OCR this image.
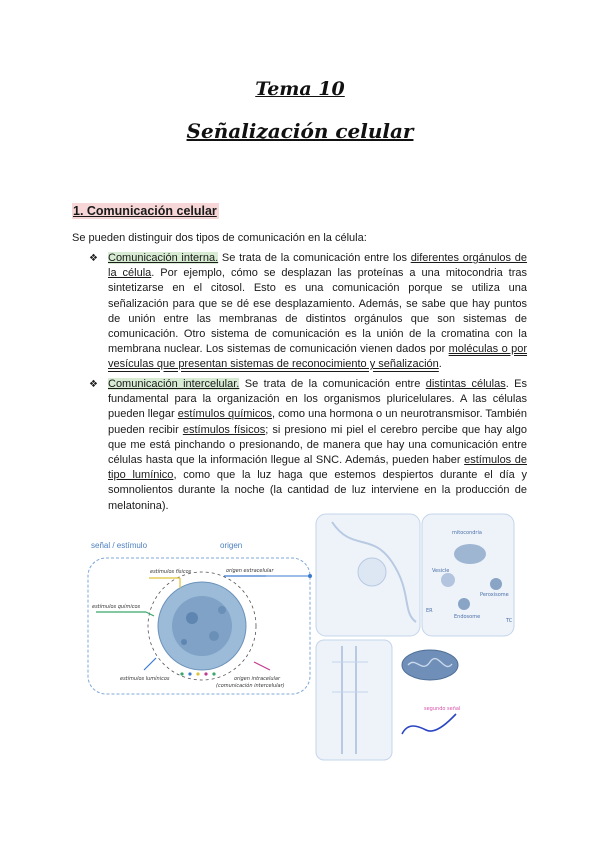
Tema 10
Señalización celular
1. Comunicación celular
Se pueden distinguir dos tipos de comunicación en la célula:
❖ Comunicación interna. Se trata de la comunicación entre los diferentes orgánulos de la célula. Por ejemplo, cómo se desplazan las proteínas a una mitocondria tras sintetizarse en el citosol. Esto es una comunicación porque se utiliza una señalización para que se dé ese desplazamiento. Además, se sabe que hay puntos de unión entre las membranas de distintos orgánulos que son sistemas de comunicación. Otro sistema de comunicación es la unión de la cromatina con la membrana nuclear. Los sistemas de comunicación vienen dados por moléculas o por vesículas que presentan sistemas de reconocimiento y señalización.
❖ Comunicación intercelular. Se trata de la comunicación entre distintas células. Es fundamental para la organización en los organismos pluricelulares. A las células pueden llegar estímulos químicos, como una hormona o un neurotransmisor. También pueden recibir estímulos físicos; si presiono mi piel el cerebro percibe que hay algo que me está pinchando o presionando, de manera que hay una comunicación entre células hasta que la información llegue al SNC. Además, pueden haber estímulos de tipo lumínico, como que la luz haga que estemos despiertos durante el día y somnolientos durante la noche (la cantidad de luz interviene en la producción de melatonina).
señal / estímulo	origen
estímulos físicos	origen extracelular
estímulos químicos
estímulos lumínicos	origen intracelular
(comunicación intercelular)
mitocondria
Vesicle
Peroxisome
Endosome
TC
ER
segundo señal
